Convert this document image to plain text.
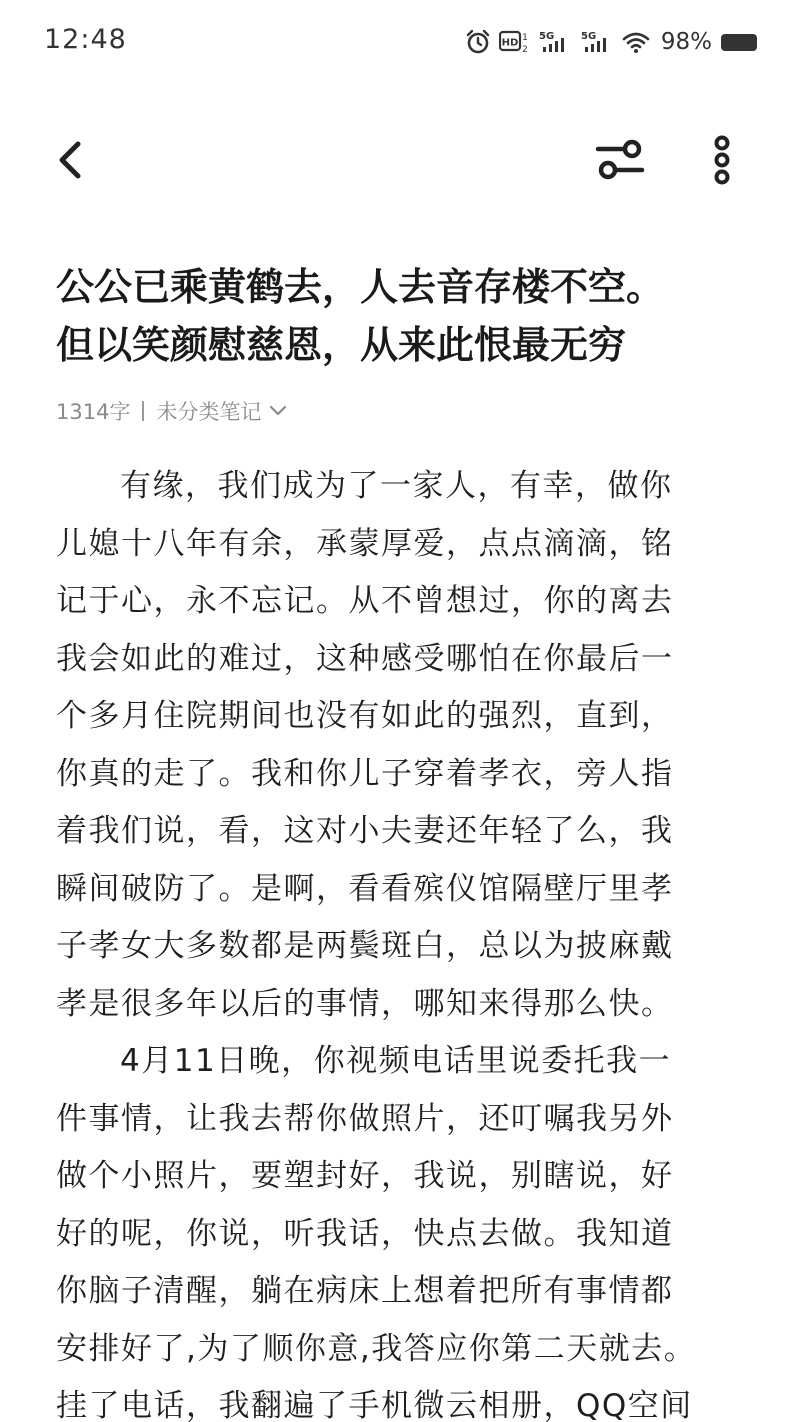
12:48	HD 1
2
5G	5G	98%
公公已乘黄鹤去，人去音存楼不空。
但以笑颜慰慈恩，从来此恨最无穷
1314字 未分类笔记
有缘，我们成为了一家人，有幸，做你
儿媳十八年有余，承蒙厚爱，点点滴滴，铭
记于心，永不忘记。从不曾想过，你的离去
我会如此的难过，这种感受哪怕在你最后一
个多月住院期间也没有如此的强烈，直到，
你真的走了。我和你儿子穿着孝衣，旁人指
着我们说，看，这对小夫妻还年轻了么，我
瞬间破防了。是啊，看看殡仪馆隔壁厅里孝
子孝女大多数都是两鬓斑白，总以为披麻戴
孝是很多年以后的事情，哪知来得那么快。
4月11日晚，你视频电话里说委托我一
件事情，让我去帮你做照片，还叮嘱我另外
做个小照片，要塑封好，我说，别瞎说，好
好的呢，你说，听我话，快点去做。我知道
你脑子清醒，躺在病床上想着把所有事情都
安排好了,为了顺你意,我答应你第二天就去。
挂了电话，我翻遍了手机微云相册，QQ空间
